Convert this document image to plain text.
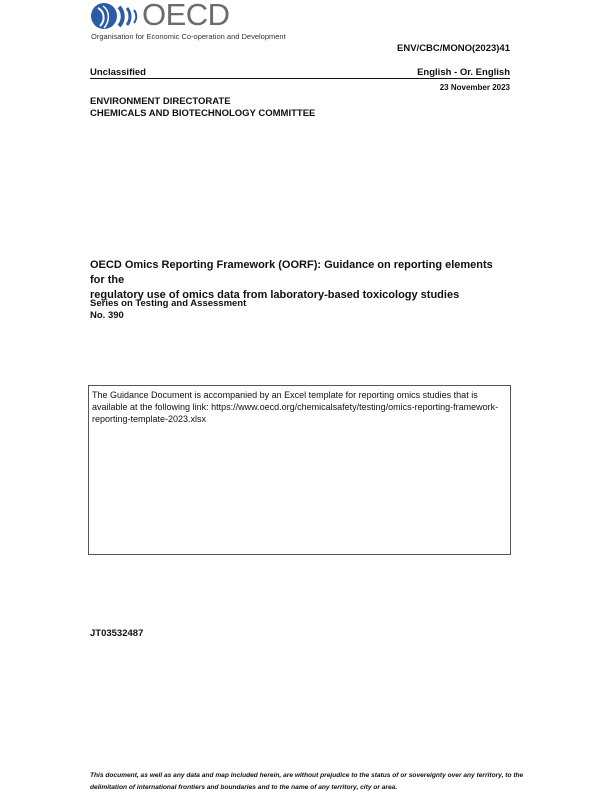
OECD
Organisation for Economic Co-operation and Development
ENV/CBC/MONO(2023)41
Unclassified	English - Or. English
23 November 2023
ENVIRONMENT DIRECTORATE
CHEMICALS AND BIOTECHNOLOGY COMMITTEE
OECD Omics Reporting Framework (OORF): Guidance on reporting elements for the
regulatory use of omics data from laboratory-based toxicology studies
Series on Testing and Assessment
No. 390
The Guidance Document is accompanied by an Excel template for reporting omics studies that is
available at the following link: https://www.oecd.org/chemicalsafety/testing/omics-reporting-framework-
reporting-template-2023.xlsx
JT03532487
This document, as well as any data and map included herein, are without prejudice to the status of or sovereignty over any territory, to the
delimitation of international frontiers and boundaries and to the name of any territory, city or area.
